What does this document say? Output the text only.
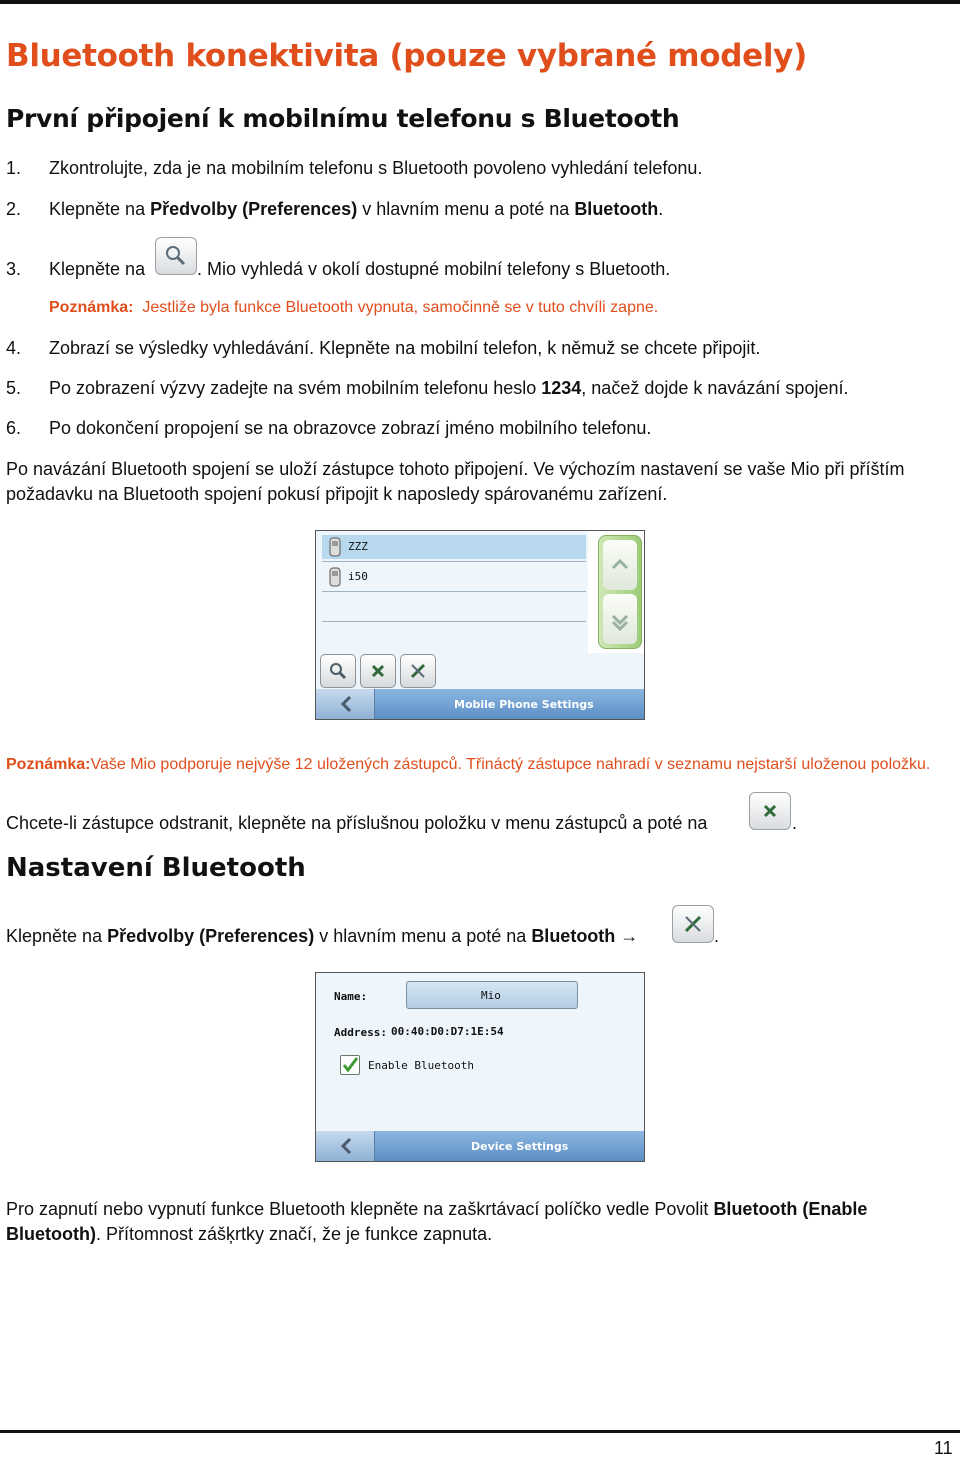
Bluetooth konektivita (pouze vybrané modely)
První připojení k mobilnímu telefonu s Bluetooth
1. Zkontrolujte, zda je na mobilním telefonu s Bluetooth povoleno vyhledání telefonu.
2. Klepněte na Předvolby (Preferences) v hlavním menu a poté na Bluetooth.
3. Klepněte na	. Mio vyhledá v okolí dostupné mobilní telefony s Bluetooth.
Poznámka: Jestliže byla funkce Bluetooth vypnuta, samočinně se v tuto chvíli zapne.
4. Zobrazí se výsledky vyhledávání. Klepněte na mobilní telefon, k němuž se chcete připojit.
5. Po zobrazení výzvy zadejte na svém mobilním telefonu heslo 1234, načež dojde k navázání spojení.
6. Po dokončení propojení se na obrazovce zobrazí jméno mobilního telefonu.
Po navázání Bluetooth spojení se uloží zástupce tohoto připojení. Ve výchozím nastavení se vaše Mio při příštím
požadavku na Bluetooth spojení pokusí připojit k naposledy spárovanému zařízení.
ZZZ
i50
Mobile Phone Settings
Poznámka:Vaše Mio podporuje nejvýše 12 uložených zástupců. Třináctý zástupce nahradí v seznamu nejstarší uloženou položku.
Chcete-li zástupce odstranit, klepněte na příslušnou položku v menu zástupců a poté na	.
Nastavení Bluetooth
Klepněte na Předvolby (Preferences) v hlavním menu a poté na Bluetooth →	.
Name:	Mio
Address: 00:40:D0:D7:1E:54
Enable Bluetooth
Device Settings
Pro zapnutí nebo vypnutí funkce Bluetooth klepněte na zaškrtávací políčko vedle Povolit Bluetooth (Enable
Bluetooth). Přítomnost zášķrtky značí, že je funkce zapnuta.
11
